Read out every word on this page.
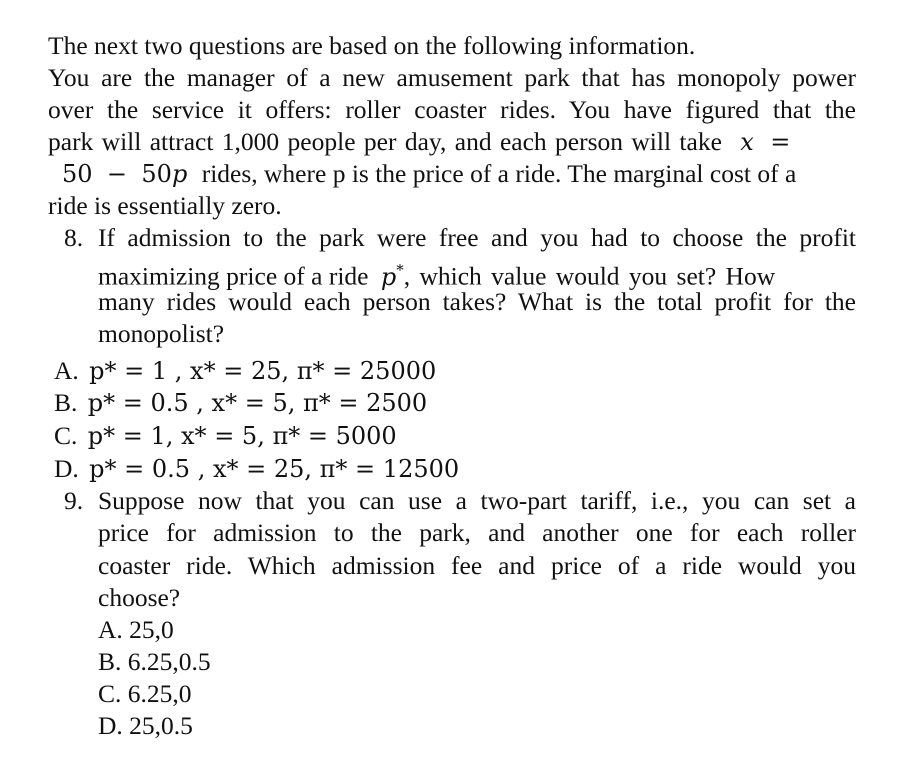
The next two questions are based on the following information.
You are the manager of a new amusement park that has monopoly power
over the service it offers: roller coaster rides. You have figured that the
park will attract 1,000 people per day, and each person will take x =
50 − 50p rides, where p is the price of a ride. The marginal cost of a
ride is essentially zero.
8. If admission to the park were free and you had to choose the profit
maximizing price of a ride p*, which value would you set? How
many rides would each person takes? What is the total profit for the
monopolist?
A. p* = 1 , x* = 25, π* = 25000
B. p* = 0.5 , x* = 5, π* = 2500
C. p* = 1, x* = 5, π* = 5000
D. p* = 0.5 , x* = 25, π* = 12500
9. Suppose now that you can use a two-part tariff, i.e., you can set a
price for admission to the park, and another one for each roller
coaster ride. Which admission fee and price of a ride would you
choose?
A. 25,0
B. 6.25,0.5
C. 6.25,0
D. 25,0.5
